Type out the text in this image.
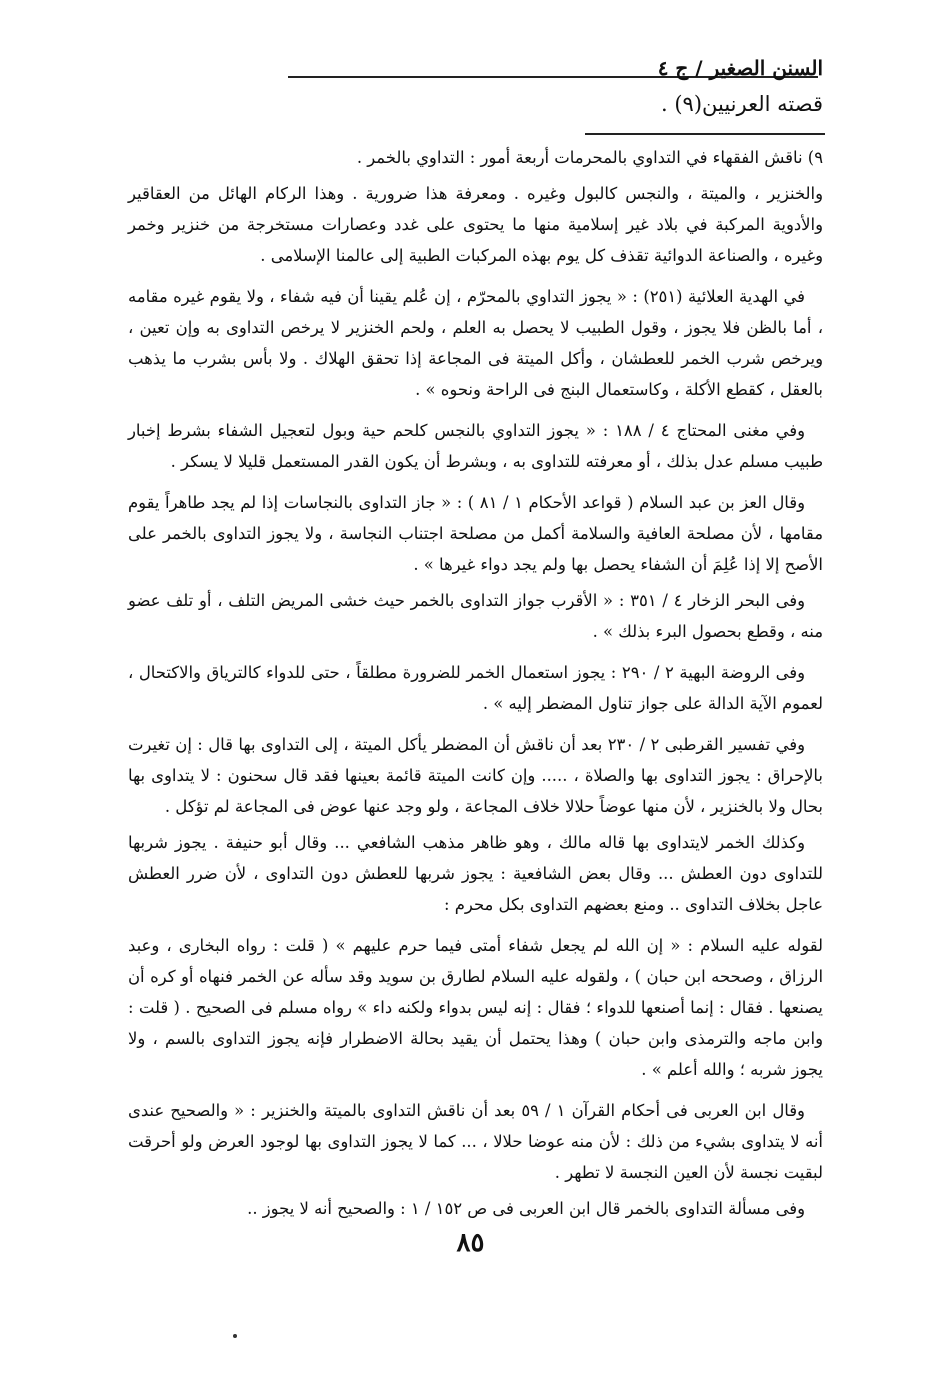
السنن الصغير / ج ٤
قصته العرنيين(٩) .

٩) ناقش الفقهاء في التداوي بالمحرمات أربعة أمور : التداوي بالخمر .

والخنزير ، والميتة ، والنجس كالبول وغيره . ومعرفة هذا ضرورية . وهذا الركام الهائل من العقاقير والأدوية المركبة في بلاد غير إسلامية منها ما يحتوى على غدد وعصارات مستخرجة من خنزير وخمر وغيره ، والصناعة الدوائية تقذف كل يوم بهذه المركبات الطبية إلى عالمنا الإسلامى .

في الهدية العلائية (٢٥١) : « يجوز التداوي بالمحرّم ، إن عُلم يقينا أن فيه شفاء ، ولا يقوم غيره مقامه ، أما بالظن فلا يجوز ، وقول الطبيب لا يحصل به العلم ، ولحم الخنزير لا يرخص التداوى به وإن تعين ، ويرخص شرب الخمر للعطشان ، وأكل الميتة فى المجاعة إذا تحقق الهلاك . ولا بأس بشرب ما يذهب بالعقل ، كقطع الأكلة ، وكاستعمال البنج فى الراحة ونحوه » .

وفي مغنى المحتاج ٤ / ١٨٨ : « يجوز التداوي بالنجس كلحم حية وبول لتعجيل الشفاء بشرط إخبار طبيب مسلم عدل بذلك ، أو معرفته للتداوى به ، وبشرط أن يكون القدر المستعمل قليلا لا يسكر .

وقال العز بن عبد السلام ( قواعد الأحكام ١ / ٨١ ) : « جاز التداوى بالنجاسات إذا لم يجد طاهراً يقوم مقامها ، لأن مصلحة العافية والسلامة أكمل من مصلحة اجتناب النجاسة ، ولا يجوز التداوى بالخمر على الأصح إلا إذا عُلِمَ أن الشفاء يحصل بها ولم يجد دواء غيرها » .

وفى البحر الزخار ٤ / ٣٥١ : « الأقرب جواز التداوى بالخمر حيث خشى المريض التلف ، أو تلف عضو منه ، وقطع بحصول البرء بذلك » .

وفى الروضة البهية ٢ / ٢٩٠ : يجوز استعمال الخمر للضرورة مطلقاً ، حتى للدواء كالترياق والاكتحال ، لعموم الآية الدالة على جواز تناول المضطر إليه » .

وفي تفسير القرطبى ٢ / ٢٣٠ بعد أن ناقش أن المضطر يأكل الميتة ، إلى التداوى بها قال : إن تغيرت بالإحراق : يجوز التداوى بها والصلاة ، ..... وإن كانت الميتة قائمة بعينها فقد قال سحنون : لا يتداوى بها بحال ولا بالخنزير ، لأن منها عوضاً حلالا خلاف المجاعة ، ولو وجد عنها عوض فى المجاعة لم تؤكل .

وكذلك الخمر لايتداوى بها قاله مالك ، وهو ظاهر مذهب الشافعي ... وقال أبو حنيفة . يجوز شربها للتداوى دون العطش ... وقال بعض الشافعية : يجوز شربها للعطش دون التداوى ، لأن ضرر العطش عاجل بخلاف التداوى .. ومنع بعضهم التداوى بكل محرم :

لقوله عليه السلام : « إن الله لم يجعل شفاء أمتى فيما حرم عليهم » ( قلت : رواه البخارى ، وعبد الرزاق ، وصححه ابن حبان ) ، ولقوله عليه السلام لطارق بن سويد وقد سأله عن الخمر فنهاه أو كره أن يصنعها . فقال : إنما أصنعها للدواء ؛ فقال : إنه ليس بدواء ولكنه داء » رواه مسلم فى الصحيح . ( قلت : وابن ماجه والترمذى وابن حبان ) وهذا يحتمل أن يقيد بحالة الاضطرار فإنه يجوز التداوى بالسم ، ولا يجوز شربه ؛ والله أعلم » .

وقال ابن العربى فى أحكام القرآن ١ / ٥٩ بعد أن ناقش التداوى بالميتة والخنزير : « والصحيح عندى أنه لا يتداوى بشيء من ذلك : لأن منه عوضا حلالا ، ... كما لا يجوز التداوى بها لوجود العرض ولو أحرقت لبقيت نجسة لأن العين النجسة لا تطهر .

وفى مسألة التداوى بالخمر قال ابن العربى فى ص ١٥٢ / ١ : والصحيح أنه لا يجوز ..

٨٥
